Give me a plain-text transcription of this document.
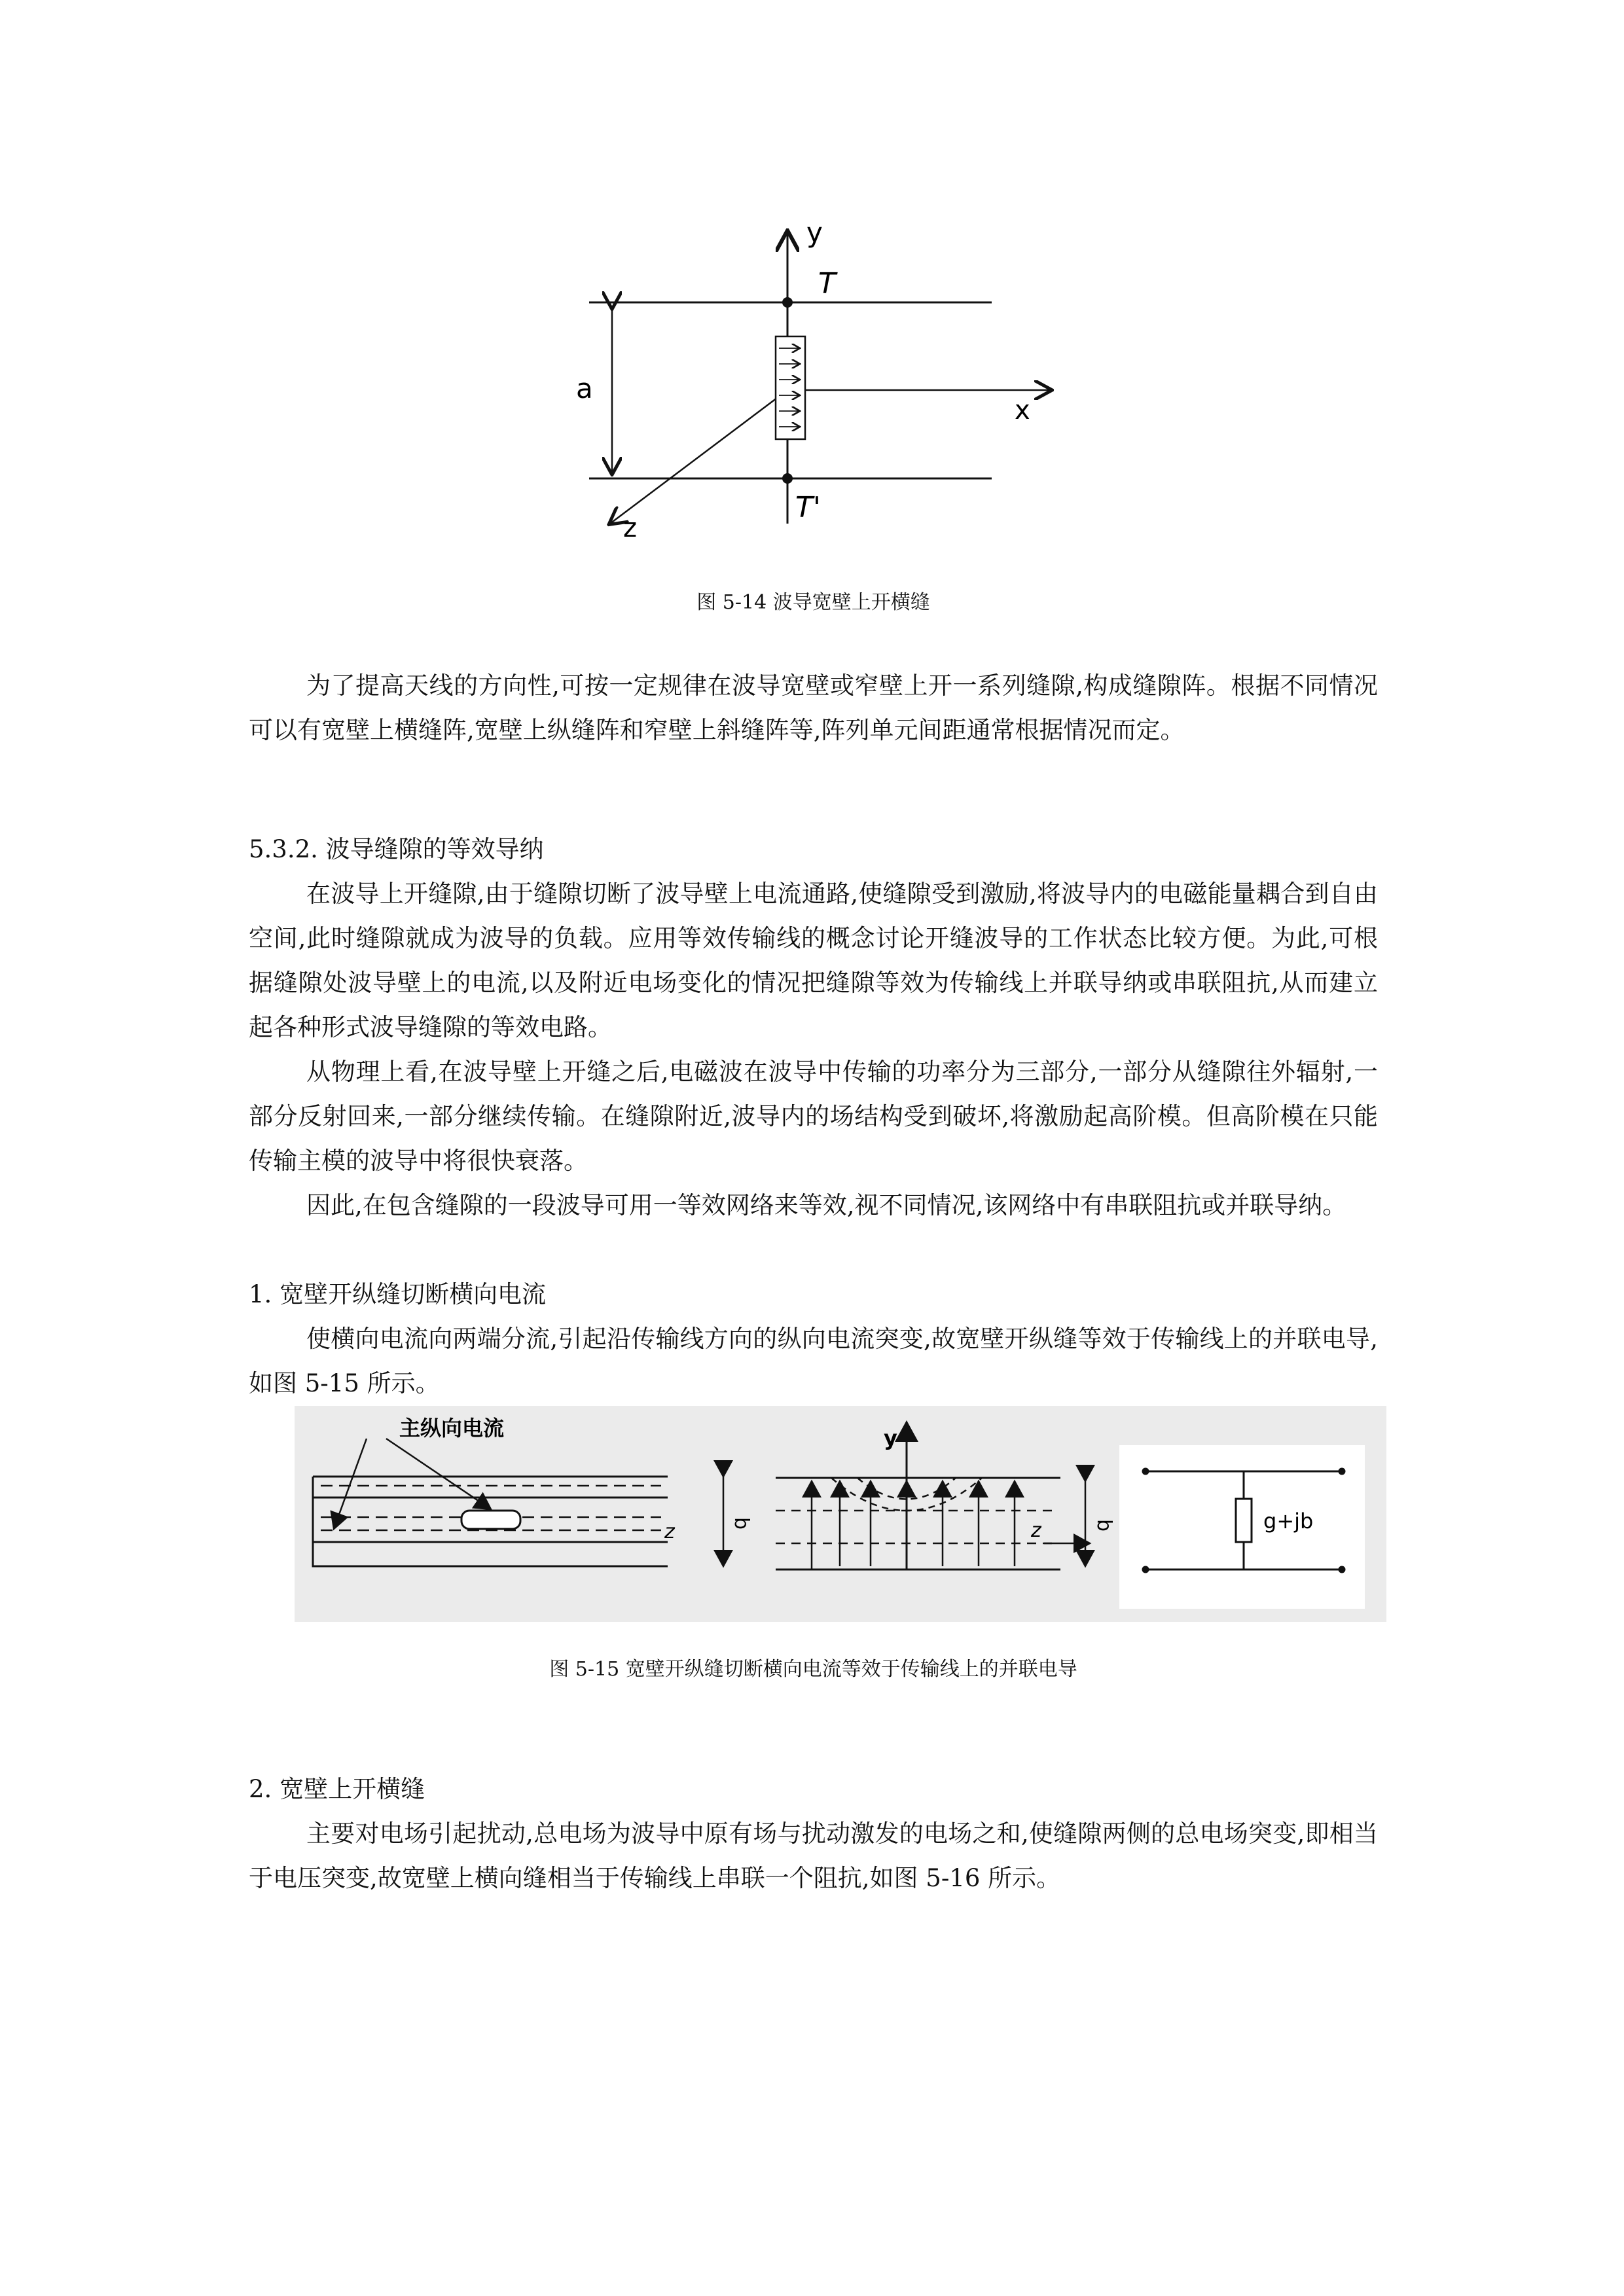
y
T
a
x
T'
z
图 5-14 波导宽壁上开横缝

为了提高天线的方向性,可按一定规律在波导宽壁或窄壁上开一系列缝隙,构成缝隙阵。根据不同情况可以有宽壁上横缝阵,宽壁上纵缝阵和窄壁上斜缝阵等,阵列单元间距通常根据情况而定。

5.3.2. 波导缝隙的等效导纳

在波导上开缝隙,由于缝隙切断了波导壁上电流通路,使缝隙受到激励,将波导内的电磁能量耦合到自由空间,此时缝隙就成为波导的负载。应用等效传输线的概念讨论开缝波导的工作状态比较方便。为此,可根据缝隙处波导壁上的电流,以及附近电场变化的情况把缝隙等效为传输线上并联导纳或串联阻抗,从而建立起各种形式波导缝隙的等效电路。

从物理上看,在波导壁上开缝之后,电磁波在波导中传输的功率分为三部分,一部分从缝隙往外辐射,一部分反射回来,一部分继续传输。在缝隙附近,波导内的场结构受到破坏,将激励起高阶模。但高阶模在只能传输主模的波导中将很快衰落。

因此,在包含缝隙的一段波导可用一等效网络来等效,视不同情况,该网络中有串联阻抗或并联导纳。

1. 宽壁开纵缝切断横向电流

使横向电流向两端分流,引起沿传输线方向的纵向电流突变,故宽壁开纵缝等效于传输线上的并联电导,如图 5-15 所示。

主纵向电流
z	b
y
z	b	g+jb
图 5-15 宽壁开纵缝切断横向电流等效于传输线上的并联电导

2. 宽壁上开横缝

主要对电场引起扰动,总电场为波导中原有场与扰动激发的电场之和,使缝隙两侧的总电场突变,即相当于电压突变,故宽壁上横向缝相当于传输线上串联一个阻抗,如图 5-16 所示。
